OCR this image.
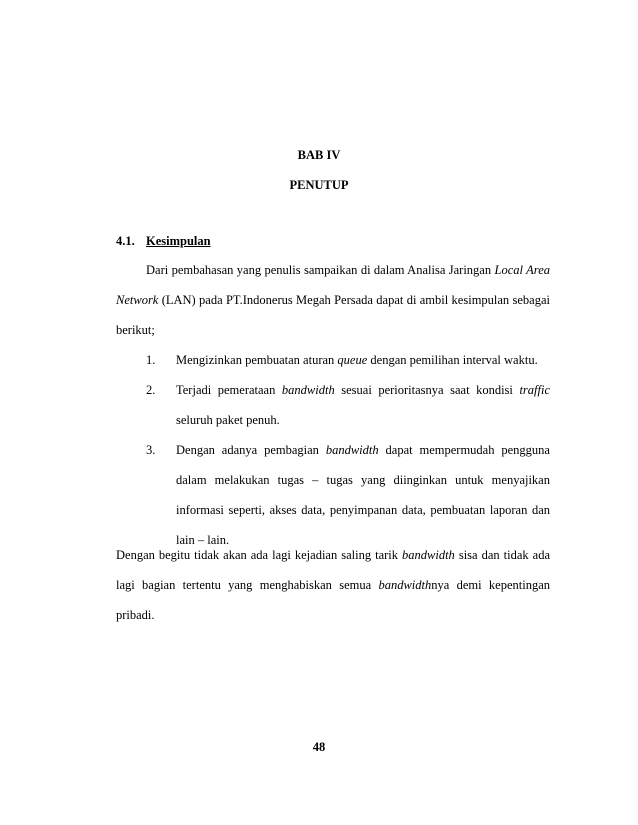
BAB IV
PENUTUP
4.1. Kesimpulan
Dari pembahasan yang penulis sampaikan di dalam Analisa Jaringan Local Area Network (LAN) pada PT.Indonerus Megah Persada dapat di ambil kesimpulan sebagai berikut;
1. Mengizinkan pembuatan aturan queue dengan pemilihan interval waktu.
2. Terjadi pemerataan bandwidth sesuai perioritasnya saat kondisi traffic seluruh paket penuh.
3. Dengan adanya pembagian bandwidth dapat mempermudah pengguna dalam melakukan tugas – tugas yang diinginkan untuk menyajikan informasi seperti, akses data, penyimpanan data, pembuatan laporan dan lain – lain.
Dengan begitu tidak akan ada lagi kejadian saling tarik bandwidth sisa dan tidak ada lagi bagian tertentu yang menghabiskan semua bandwidthnya demi kepentingan pribadi.
48
